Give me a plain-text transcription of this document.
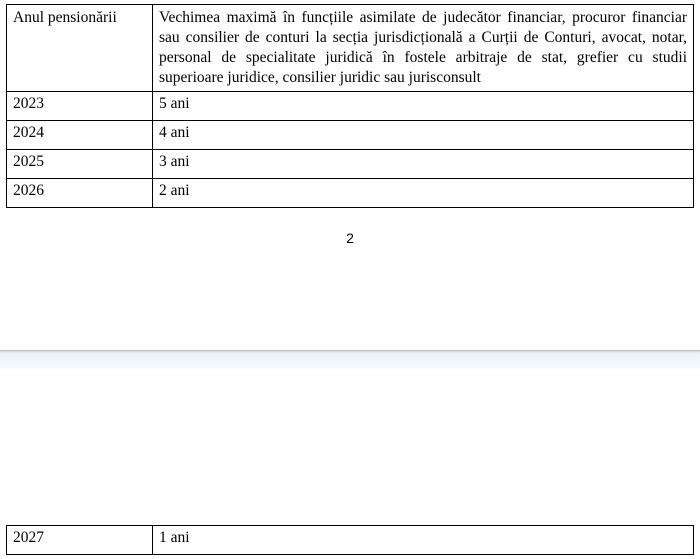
Anul pensionării	Vechimea maximă în funcțiile asimilate de judecător financiar, procuror financiar sau consilier de conturi la secția jurisdicțională a Curții de Conturi, avocat, notar, personal de specialitate juridică în fostele arbitraje de stat, grefier cu studii superioare juridice, consilier juridic sau jurisconsult
2023	5 ani
2024	4 ani
2025	3 ani
2026	2 ani
2
2027	1 ani
